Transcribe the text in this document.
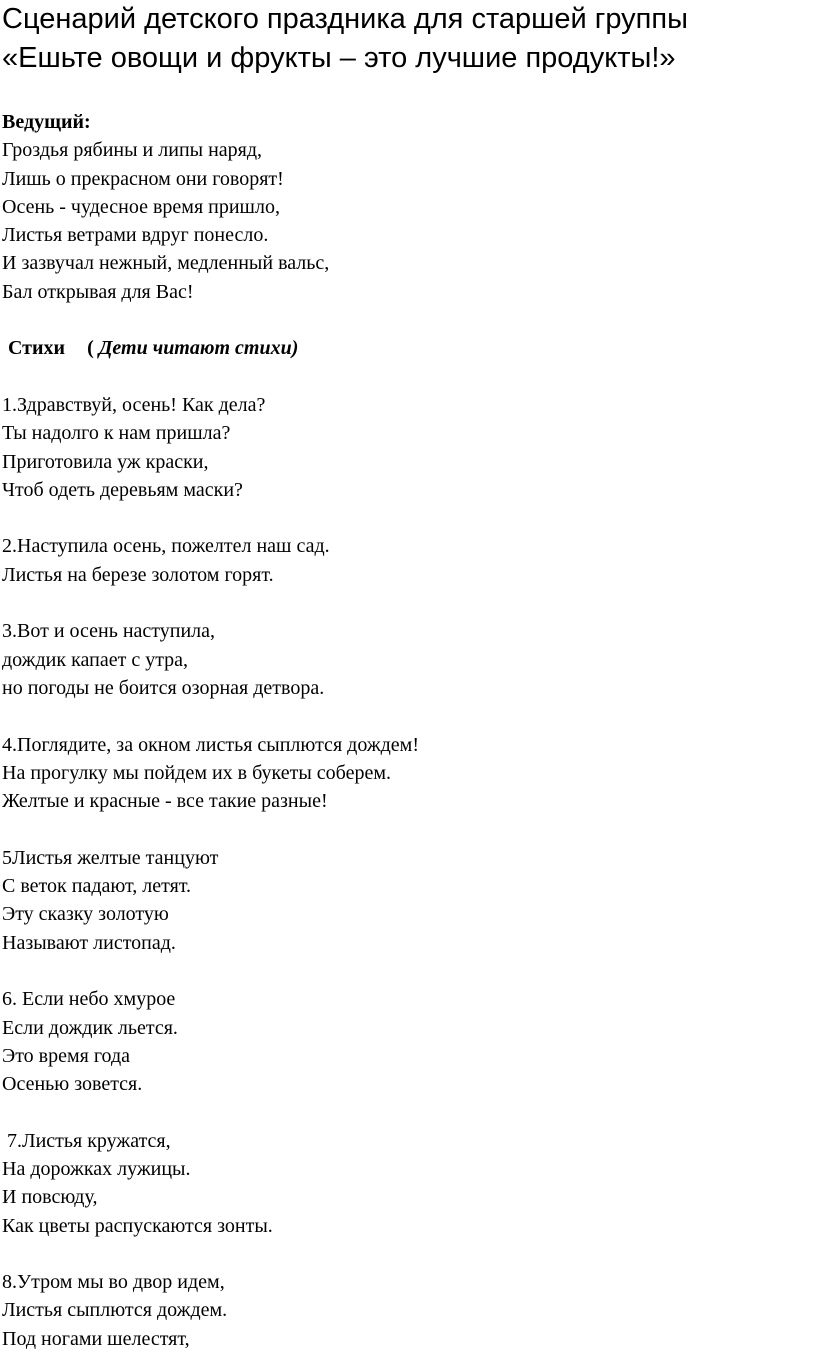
Сценарий детского праздника для старшей группы
«Ешьте овощи и фрукты – это лучшие продукты!»
Ведущий:
Гроздья рябины и липы наряд,
Лишь о прекрасном они говорят!
Осень - чудесное время пришло,
Листья ветрами вдруг понесло.
И зазвучал нежный, медленный вальс,
Бал открывая для Вас!
Стихи ( Дети читают стихи)
1.Здравствуй, осень! Как дела?
Ты надолго к нам пришла?
Приготовила уж краски,
Чтоб одеть деревьям маски?
2.Наступила осень, пожелтел наш сад.
Листья на березе золотом горят.
3.Вот и осень наступила,
дождик капает с утра,
но погоды не боится озорная детвора.
4.Поглядите, за окном листья сыплются дождем!
На прогулку мы пойдем их в букеты соберем.
Желтые и красные - все такие разные!
5Листья желтые танцуют
С веток падают, летят.
Эту сказку золотую
Называют листопад.
6. Если небо хмурое
Если дождик льется.
Это время года
Осенью зовется.
7.Листья кружатся,
На дорожках лужицы.
И повсюду,
Как цветы распускаются зонты.
8.Утром мы во двор идем,
Листья сыплются дождем.
Под ногами шелестят,
